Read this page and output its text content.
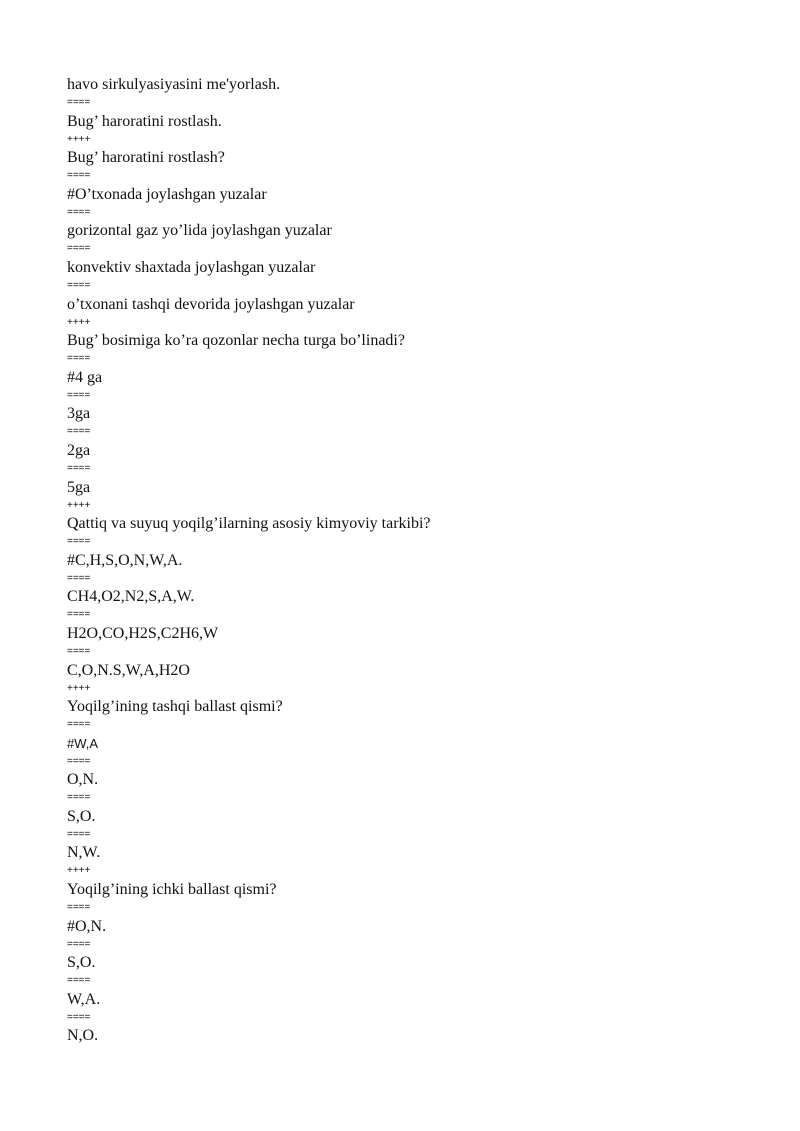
havo sirkulyasiyasini me'yorlash.
====
Bug’ haroratini rostlash.
++++
Bug’ haroratini rostlash?
====
#O’txonada joylashgan yuzalar
====
gorizontal gaz yo’lida joylashgan yuzalar
====
konvektiv shaxtada joylashgan yuzalar
====
o’txonani tashqi devorida joylashgan yuzalar
++++
Bug’ bosimiga ko’ra qozonlar necha turga bo’linadi?
====
#4 ga
====
3ga
====
2ga
====
5ga
++++
Qattiq va suyuq yoqilg’ilarning asosiy kimyoviy tarkibi?
====
#C,H,S,O,N,W,A.
====
CH4,O2,N2,S,A,W.
====
H2O,CO,H2S,C2H6,W
====
C,O,N.S,W,A,H2O
++++
Yoqilg’ining tashqi ballast qismi?
====
#W,A
====
O,N.
====
S,O.
====
N,W.
++++
Yoqilg’ining ichki ballast qismi?
====
#O,N.
====
S,O.
====
W,A.
====
N,O.
